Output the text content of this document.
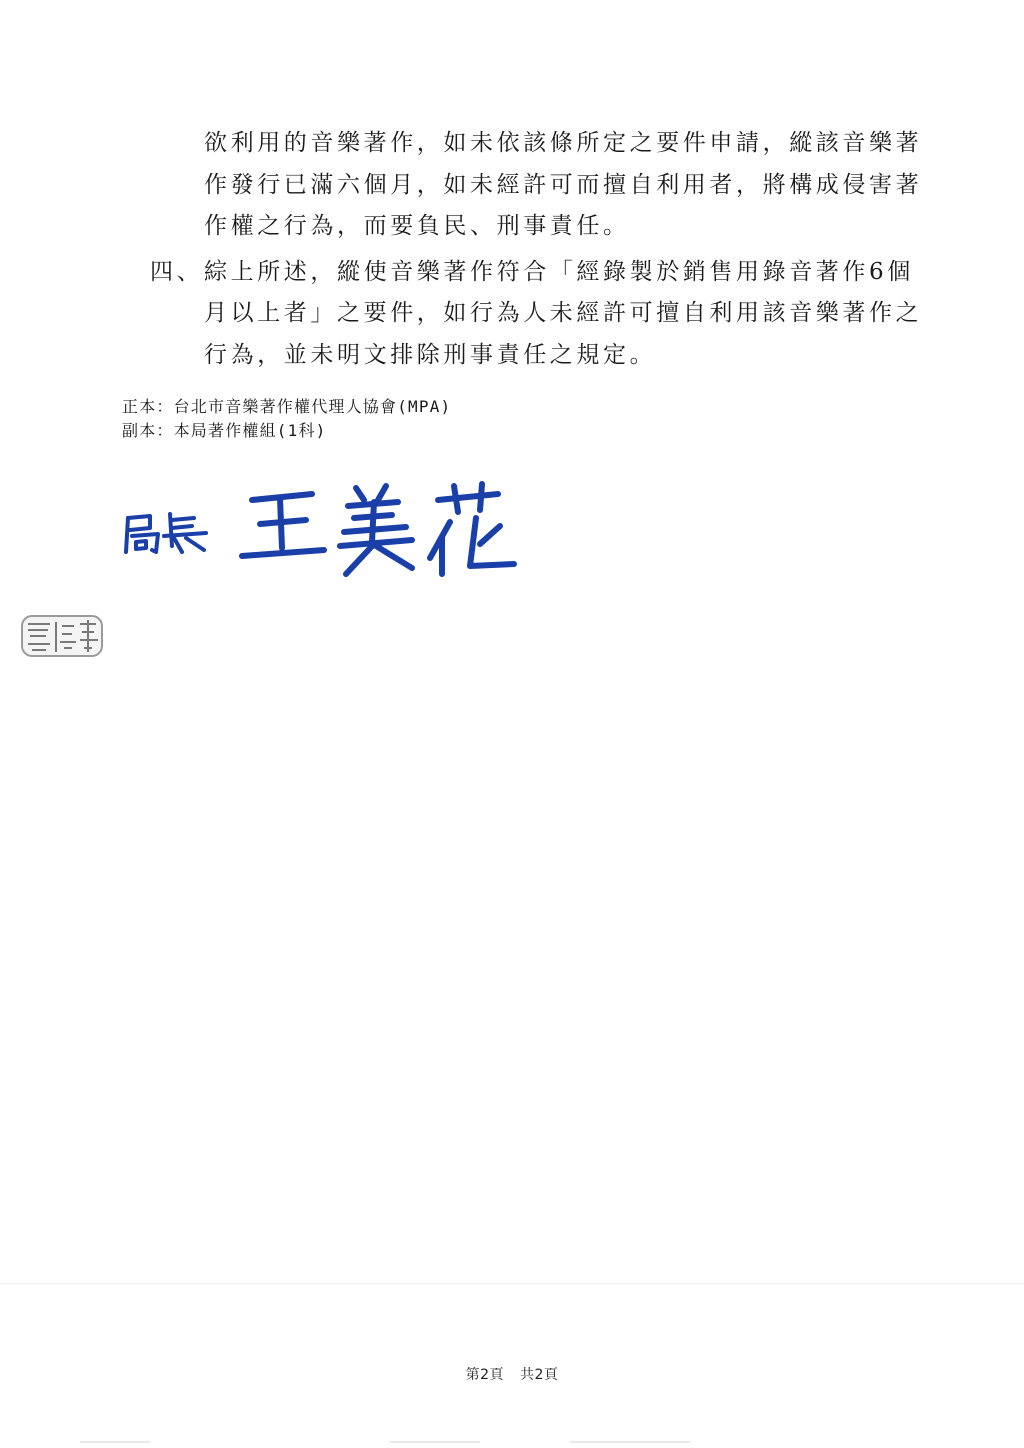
欲利用的音樂著作，如未依該條所定之要件申請，縱該音樂著
作發行已滿六個月，如未經許可而擅自利用者，將構成侵害著
作權之行為，而要負民、刑事責任。
四、 綜上所述，縱使音樂著作符合「經錄製於銷售用錄音著作6個
月以上者」之要件，如行為人未經許可擅自利用該音樂著作之
行為，並未明文排除刑事責任之規定。
正本：台北市音樂著作權代理人協會(MPA)
副本：本局著作權組(1科)
第2頁 共2頁
